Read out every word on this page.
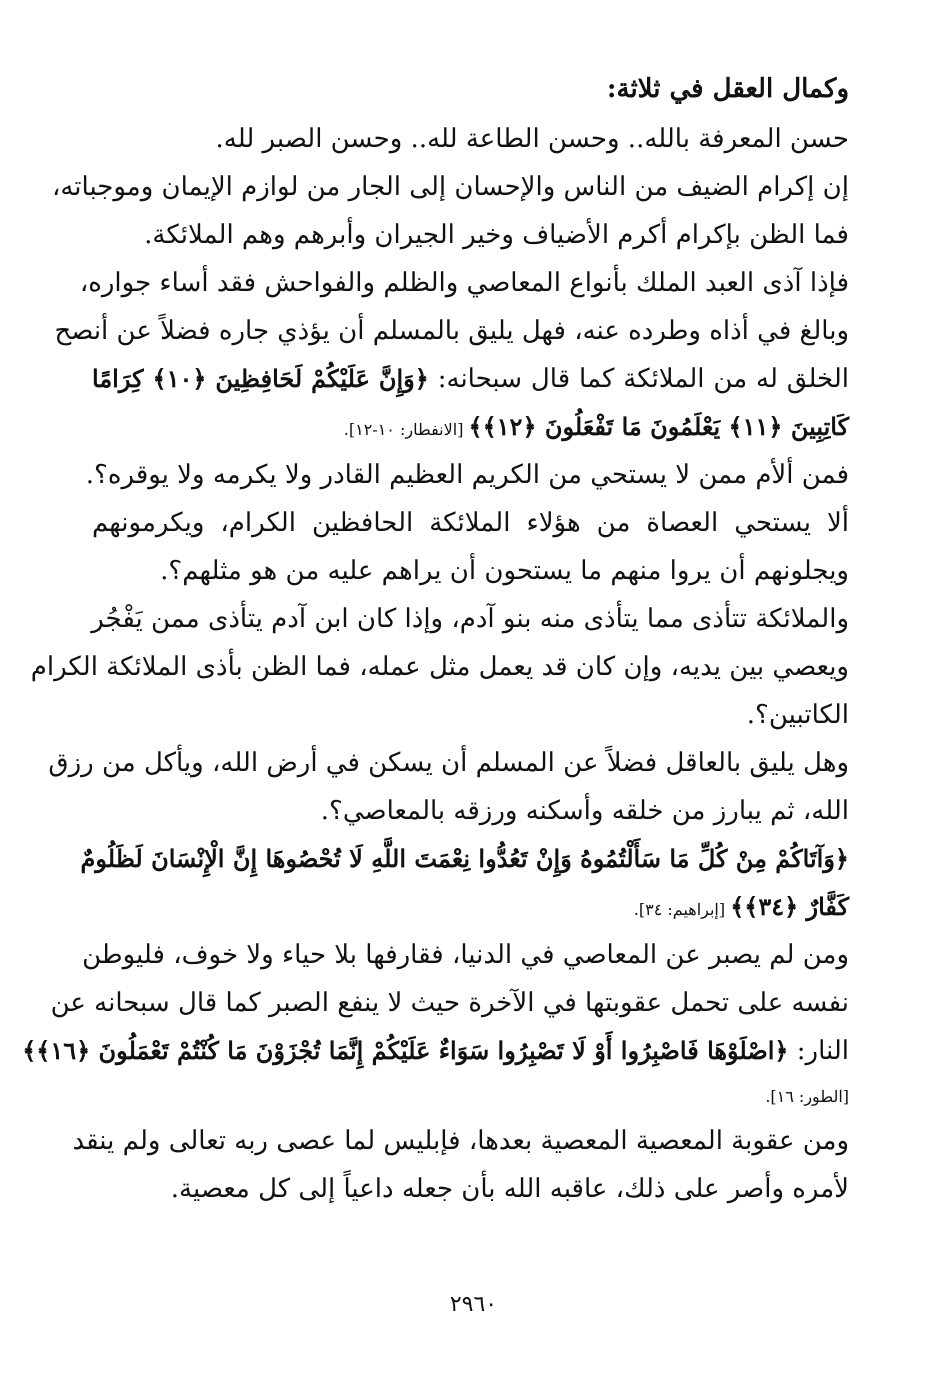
وكمال العقل في ثلاثة:
حسن المعرفة بالله.. وحسن الطاعة لله.. وحسن الصبر لله.
إن إكرام الضيف من الناس والإحسان إلى الجار من لوازم الإيمان وموجباته،
فما الظن بإكرام أكرم الأضياف وخير الجيران وأبرهم وهم الملائكة.
فإذا آذى العبد الملك بأنواع المعاصي والظلم والفواحش فقد أساء جواره،
وبالغ في أذاه وطرده عنه، فهل يليق بالمسلم أن يؤذي جاره فضلاً عن أنصح
الخلق له من الملائكة كما قال سبحانه: ﴿وَإِنَّ عَلَيْكُمْ لَحَافِظِينَ ﴿١٠﴾ كِرَامًا
كَاتِبِينَ ﴿١١﴾ يَعْلَمُونَ مَا تَفْعَلُونَ ﴿١٢﴾﴾ [الانفطار: ١٠-١٢].
فمن ألأم ممن لا يستحي من الكريم العظيم القادر ولا يكرمه ولا يوقره؟.
ألا يستحي العصاة من هؤلاء الملائكة الحافظين الكرام، ويكرمونهم
ويجلونهم أن يروا منهم ما يستحون أن يراهم عليه من هو مثلهم؟.
والملائكة تتأذى مما يتأذى منه بنو آدم، وإذا كان ابن آدم يتأذى ممن يَفْجُر
ويعصي بين يديه، وإن كان قد يعمل مثل عمله، فما الظن بأذى الملائكة الكرام
الكاتبين؟.
وهل يليق بالعاقل فضلاً عن المسلم أن يسكن في أرض الله، ويأكل من رزق
الله، ثم يبارز من خلقه وأسكنه ورزقه بالمعاصي؟.
﴿وَآتَاكُمْ مِنْ كُلِّ مَا سَأَلْتُمُوهُ وَإِنْ تَعُدُّوا نِعْمَتَ اللَّهِ لَا تُحْصُوهَا إِنَّ الْإِنْسَانَ لَظَلُومٌ
كَفَّارٌ ﴿٣٤﴾﴾ [إبراهيم: ٣٤].
ومن لم يصبر عن المعاصي في الدنيا، فقارفها بلا حياء ولا خوف، فليوطن
نفسه على تحمل عقوبتها في الآخرة حيث لا ينفع الصبر كما قال سبحانه عن
النار: ﴿اصْلَوْهَا فَاصْبِرُوا أَوْ لَا تَصْبِرُوا سَوَاءٌ عَلَيْكُمْ إِنَّمَا تُجْزَوْنَ مَا كُنْتُمْ تَعْمَلُونَ ﴿١٦﴾﴾
[الطور: ١٦].
ومن عقوبة المعصية المعصية بعدها، فإبليس لما عصى ربه تعالى ولم ينقد
لأمره وأصر على ذلك، عاقبه الله بأن جعله داعياً إلى كل معصية.
٢٩٦٠
